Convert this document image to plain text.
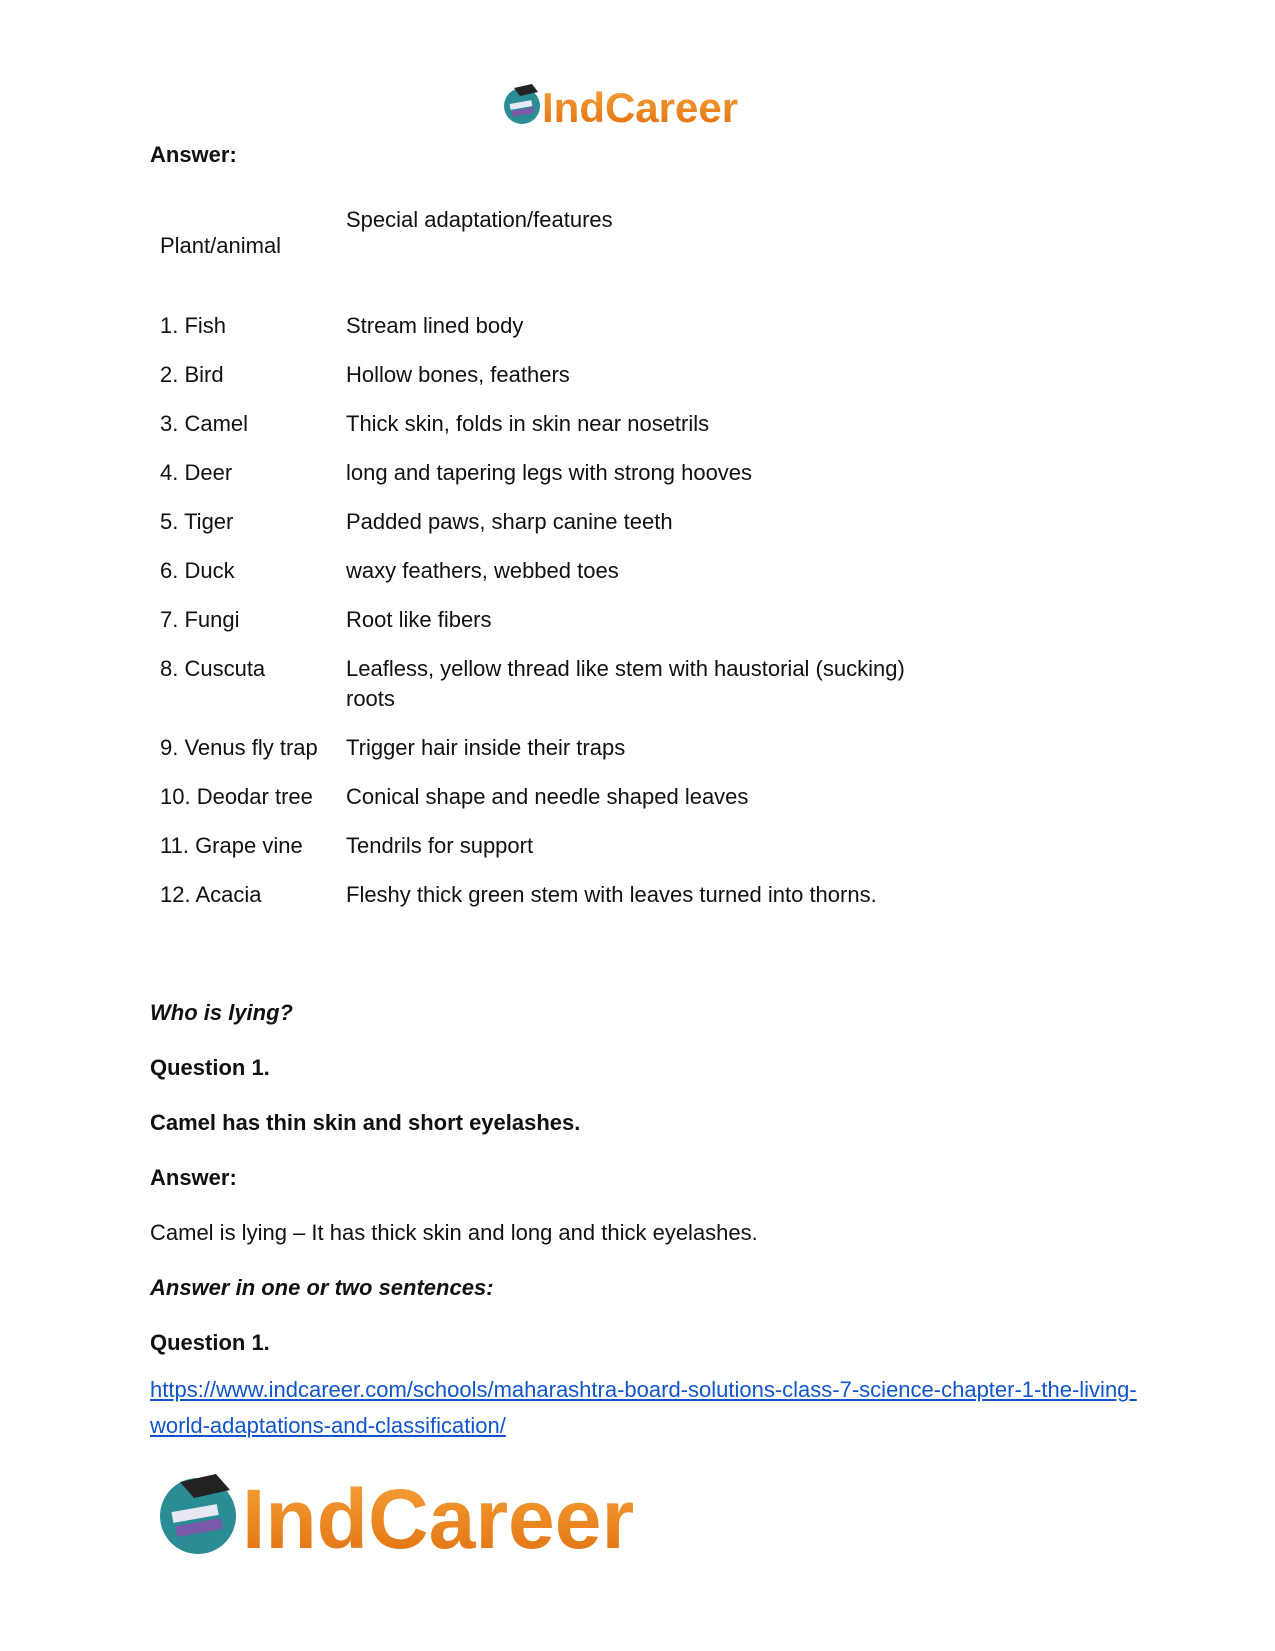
IndCareer
Answer:
Plant/animal	Special adaptation/features
1. Fish	Stream lined body
2. Bird	Hollow bones, feathers
3. Camel	Thick skin, folds in skin near nosetrils
4. Deer	long and tapering legs with strong hooves
5. Tiger	Padded paws, sharp canine teeth
6. Duck	waxy feathers, webbed toes
7. Fungi	Root like fibers
8. Cuscuta	Leafless, yellow thread like stem with haustorial (sucking) roots
9. Venus fly trap	Trigger hair inside their traps
10. Deodar tree	Conical shape and needle shaped leaves
11. Grape vine	Tendrils for support
12. Acacia	Fleshy thick green stem with leaves turned into thorns.
Who is lying?
Question 1.
Camel has thin skin and short eyelashes.
Answer:
Camel is lying – It has thick skin and long and thick eyelashes.
Answer in one or two sentences:
Question 1.
https://www.indcareer.com/schools/maharashtra-board-solutions-class-7-science-chapter-1-the-living-world-adaptations-and-classification/
IndCareer
